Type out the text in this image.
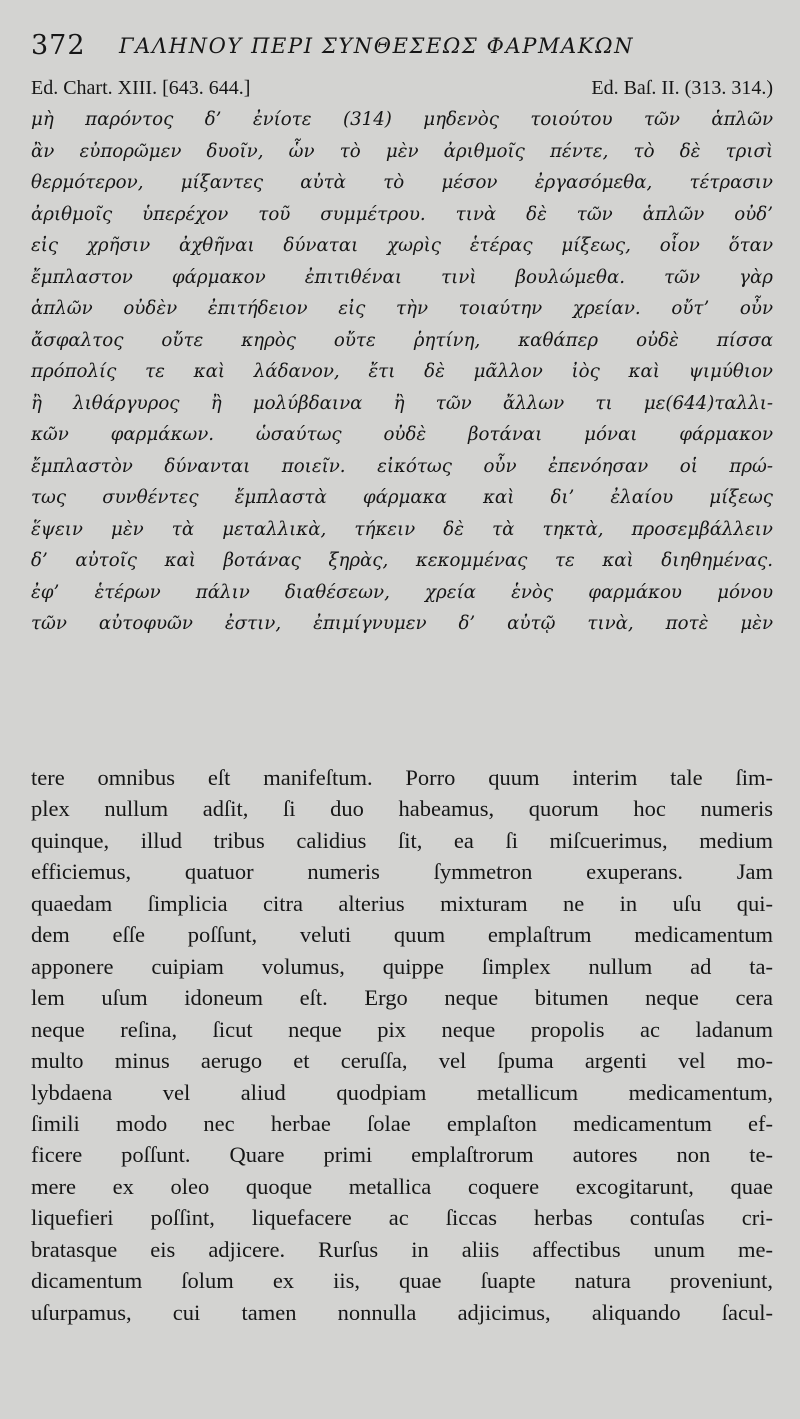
372 ΓΑΛΗΝΟΥ ΠΕΡΙ ΣΥΝΘΕΣΕΩΣ ΦΑΡΜΑΚΩΝ
Ed. Chart. XIII. [643. 644.]	Ed. Baſ. II. (313. 314.)
μὴ παρόντος δ’ ἐνίοτε (314) μηδενὸς τοιούτου τῶν ἁπλῶν
ἂν εὐπορῶμεν δυοῖν, ὧν τὸ μὲν ἀριθμοῖς πέντε, τὸ δὲ τρισὶ
θερμότερον, μίξαντες αὐτὰ τὸ μέσον ἐργασόμεθα, τέτρασιν
ἀριθμοῖς ὑπερέχον τοῦ συμμέτρου. τινὰ δὲ τῶν ἁπλῶν οὐδ’
εἰς χρῆσιν ἀχθῆναι δύναται χωρὶς ἑτέρας μίξεως, οἷον ὅταν
ἔμπλαστον φάρμακον ἐπιτιθέναι τινὶ βουλώμεθα. τῶν γὰρ
ἁπλῶν οὐδὲν ἐπιτήδειον εἰς τὴν τοιαύτην χρείαν. οὔτ’ οὖν
ἄσφαλτος οὔτε κηρὸς οὔτε ῥητίνη, καθάπερ οὐδὲ πίσσα
πρόπολίς τε καὶ λάδανον, ἔτι δὲ μᾶλλον ἰὸς καὶ ψιμύθιον
ἢ λιθάργυρος ἢ μολύβδαινα ἢ τῶν ἄλλων τι με(644)ταλλι-
κῶν φαρμάκων. ὡσαύτως οὐδὲ βοτάναι μόναι φάρμακον
ἔμπλαστὸν δύνανται ποιεῖν. εἰκότως οὖν ἐπενόησαν οἱ πρώ-
τως συνθέντες ἔμπλαστὰ φάρμακα καὶ δι’ ἐλαίου μίξεως
ἕψειν μὲν τὰ μεταλλικὰ, τήκειν δὲ τὰ τηκτὰ, προσεμβάλλειν
δ’ αὐτοῖς καὶ βοτάνας ξηρὰς, κεκομμένας τε καὶ διηθημένας.
ἐφ’ ἑτέρων πάλιν διαθέσεων, χρεία ἑνὸς φαρμάκου μόνου
τῶν αὐτοφυῶν ἐστιν, ἐπιμίγνυμεν δ’ αὐτῷ τινὰ, ποτὲ μὲν
tere omnibus eſt manifeſtum. Porro quum interim tale ſim-
plex nullum adſit, ſi duo habeamus, quorum hoc numeris
quinque, illud tribus calidius ſit, ea ſi miſcuerimus, medium
efficiemus, quatuor numeris ſymmetron exuperans. Jam
quaedam ſimplicia citra alterius mixturam ne in uſu qui-
dem eſſe poſſunt, veluti quum emplaſtrum medicamentum
apponere cuipiam volumus, quippe ſimplex nullum ad ta-
lem uſum idoneum eſt. Ergo neque bitumen neque cera
neque reſina, ſicut neque pix neque propolis ac ladanum
multo minus aerugo et ceruſſa, vel ſpuma argenti vel mo-
lybdaena vel aliud quodpiam metallicum medicamentum,
ſimili modo nec herbae ſolae emplaſton medicamentum ef-
ficere poſſunt. Quare primi emplaſtrorum autores non te-
mere ex oleo quoque metallica coquere excogitarunt, quae
liquefieri poſſint, liquefacere ac ſiccas herbas contuſas cri-
bratasque eis adjicere. Rurſus in aliis affectibus unum me-
dicamentum ſolum ex iis, quae ſuapte natura proveniunt,
uſurpamus, cui tamen nonnulla adjicimus, aliquando ſacul-
